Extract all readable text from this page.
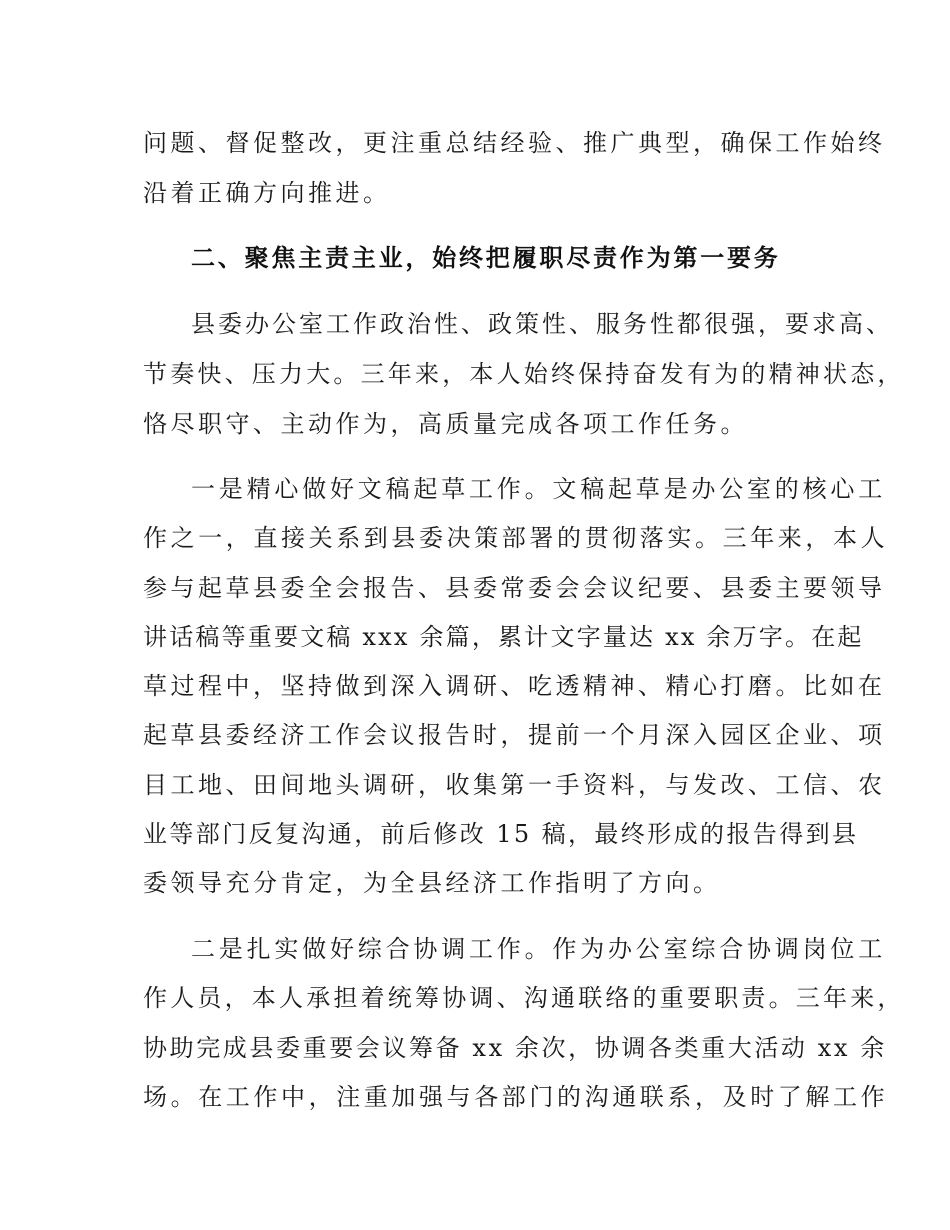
问题、督促整改，更注重总结经验、推广典型，确保工作始终

沿着正确方向推进。

二、聚焦主责主业，始终把履职尽责作为第一要务

县委办公室工作政治性、政策性、服务性都很强，要求高、

节奏快、压力大。三年来，本人始终保持奋发有为的精神状态，

恪尽职守、主动作为，高质量完成各项工作任务。

一是精心做好文稿起草工作。文稿起草是办公室的核心工

作之一，直接关系到县委决策部署的贯彻落实。三年来，本人

参与起草县委全会报告、县委常委会会议纪要、县委主要领导

讲话稿等重要文稿 xxx 余篇，累计文字量达 xx 余万字。在起

草过程中，坚持做到深入调研、吃透精神、精心打磨。比如在

起草县委经济工作会议报告时，提前一个月深入园区企业、项

目工地、田间地头调研，收集第一手资料，与发改、工信、农

业等部门反复沟通，前后修改 15 稿，最终形成的报告得到县

委领导充分肯定，为全县经济工作指明了方向。

二是扎实做好综合协调工作。作为办公室综合协调岗位工

作人员，本人承担着统筹协调、沟通联络的重要职责。三年来，

协助完成县委重要会议筹备 xx 余次，协调各类重大活动 xx 余

场。在工作中，注重加强与各部门的沟通联系，及时了解工作
